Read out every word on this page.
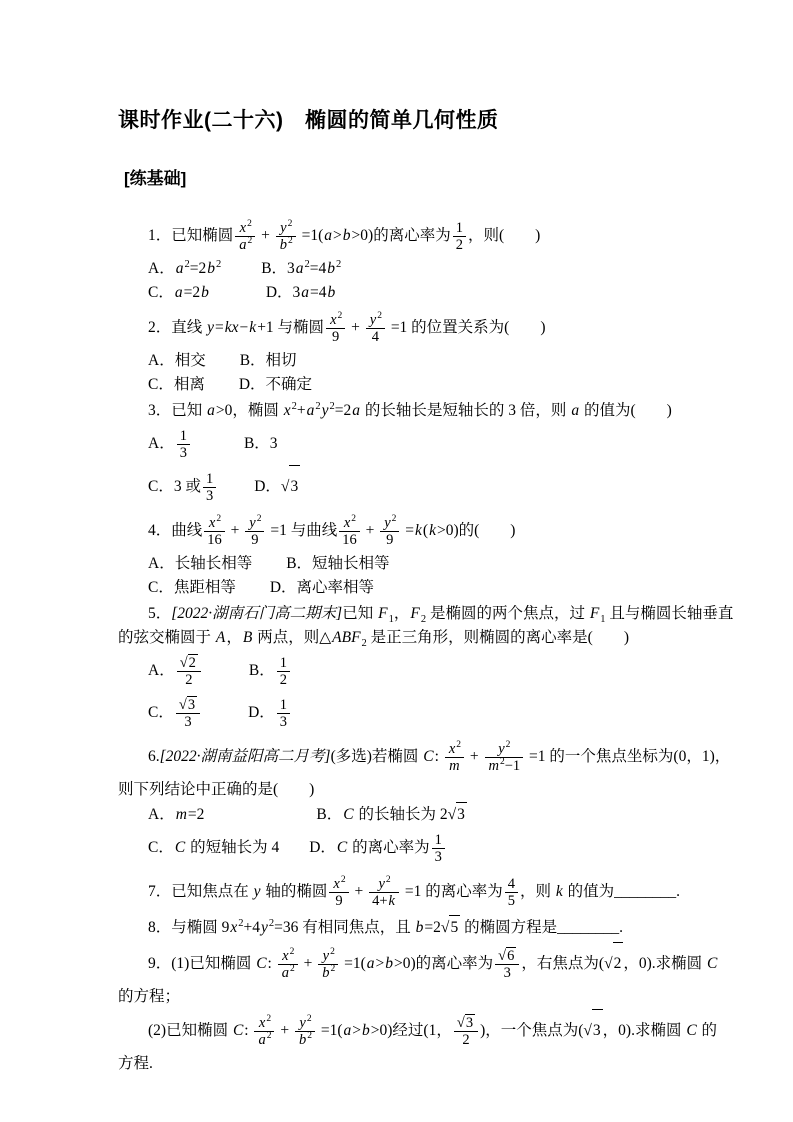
课时作业(二十六)　椭圆的简单几何性质
[练基础]
1．已知椭圆 $\frac{x^2}{a^2} + \frac{y^2}{b^2} =1(a>b>0)$的离心率为 $\frac{1}{2}$ ，则(　　)
A．$a^2=2b^2$	B．$3a^2=4b^2$
C．a=2b	D．3a=4b
2．直线 y=kx−k+1 与椭圆 $\frac{x^2}{9} + \frac{y^2}{4} =1$ 的位置关系为(　　)
A．相交 B．相切
C．相离 D．不确定
3．已知 a>0，椭圆 $x^2+a^2y^2=2a$ 的长轴长是短轴长的 3 倍，则 a 的值为(　　)
A． $\frac{1}{3}$	B．3
C．3 或 $\frac{1}{3}$ D．√3
4．曲线 $\frac{x^2}{16} + \frac{y^2}{9} =1$ 与曲线 $\frac{x^2}{16} + \frac{y^2}{9} =k(k>0)$的(　　)
A．长轴长相等 B．短轴长相等
C．焦距相等 D．离心率相等
5．[2022·湖南石门高二期末]已知 $F_1$，$F_2$ 是椭圆的两个焦点，过 $F_1$ 且与椭圆长轴垂直
的弦交椭圆于 A，B 两点，则$\triangle ABF_2$ 是正三角形，则椭圆的离心率是(　　)
A． $\frac{√2}{2}$	B． $\frac{1}{2}$
C． $\frac{√3}{3}$	D． $\frac{1}{3}$
6.[2022·湖南益阳高二月考](多选)若椭圆 C: $\frac{x^2}{m} + \frac{y^2}{m^2-1} =1$ 的一个焦点坐标为(0，1)，
则下列结论中正确的是(　　)
A．m=2	B．C 的长轴长为 2√3
C．C 的短轴长为 4 D．C 的离心率为 $\frac{1}{3}$
7．已知焦点在 y 轴的椭圆 $\frac{x^2}{9} + \frac{y^2}{4+k} =1$ 的离心率为 $\frac{4}{5}$ ，则 k 的值为________.
8．与椭圆 $9x^2+4y^2=36$ 有相同焦点，且 b=2√5 的椭圆方程是________.
9．(1)已知椭圆 C: $\frac{x^2}{a^2} + \frac{y^2}{b^2} =1(a>b>0)$的离心率为 $\frac{√6}{3}$ ，右焦点为(√2 ，0).求椭圆 C
的方程；
(2)已知椭圆 C: $\frac{x^2}{a^2} + \frac{y^2}{b^2} =1(a>b>0)$经过(1， $\frac{√3}{2}$ )，一个焦点为(√3 ，0).求椭圆 C 的
方程.
